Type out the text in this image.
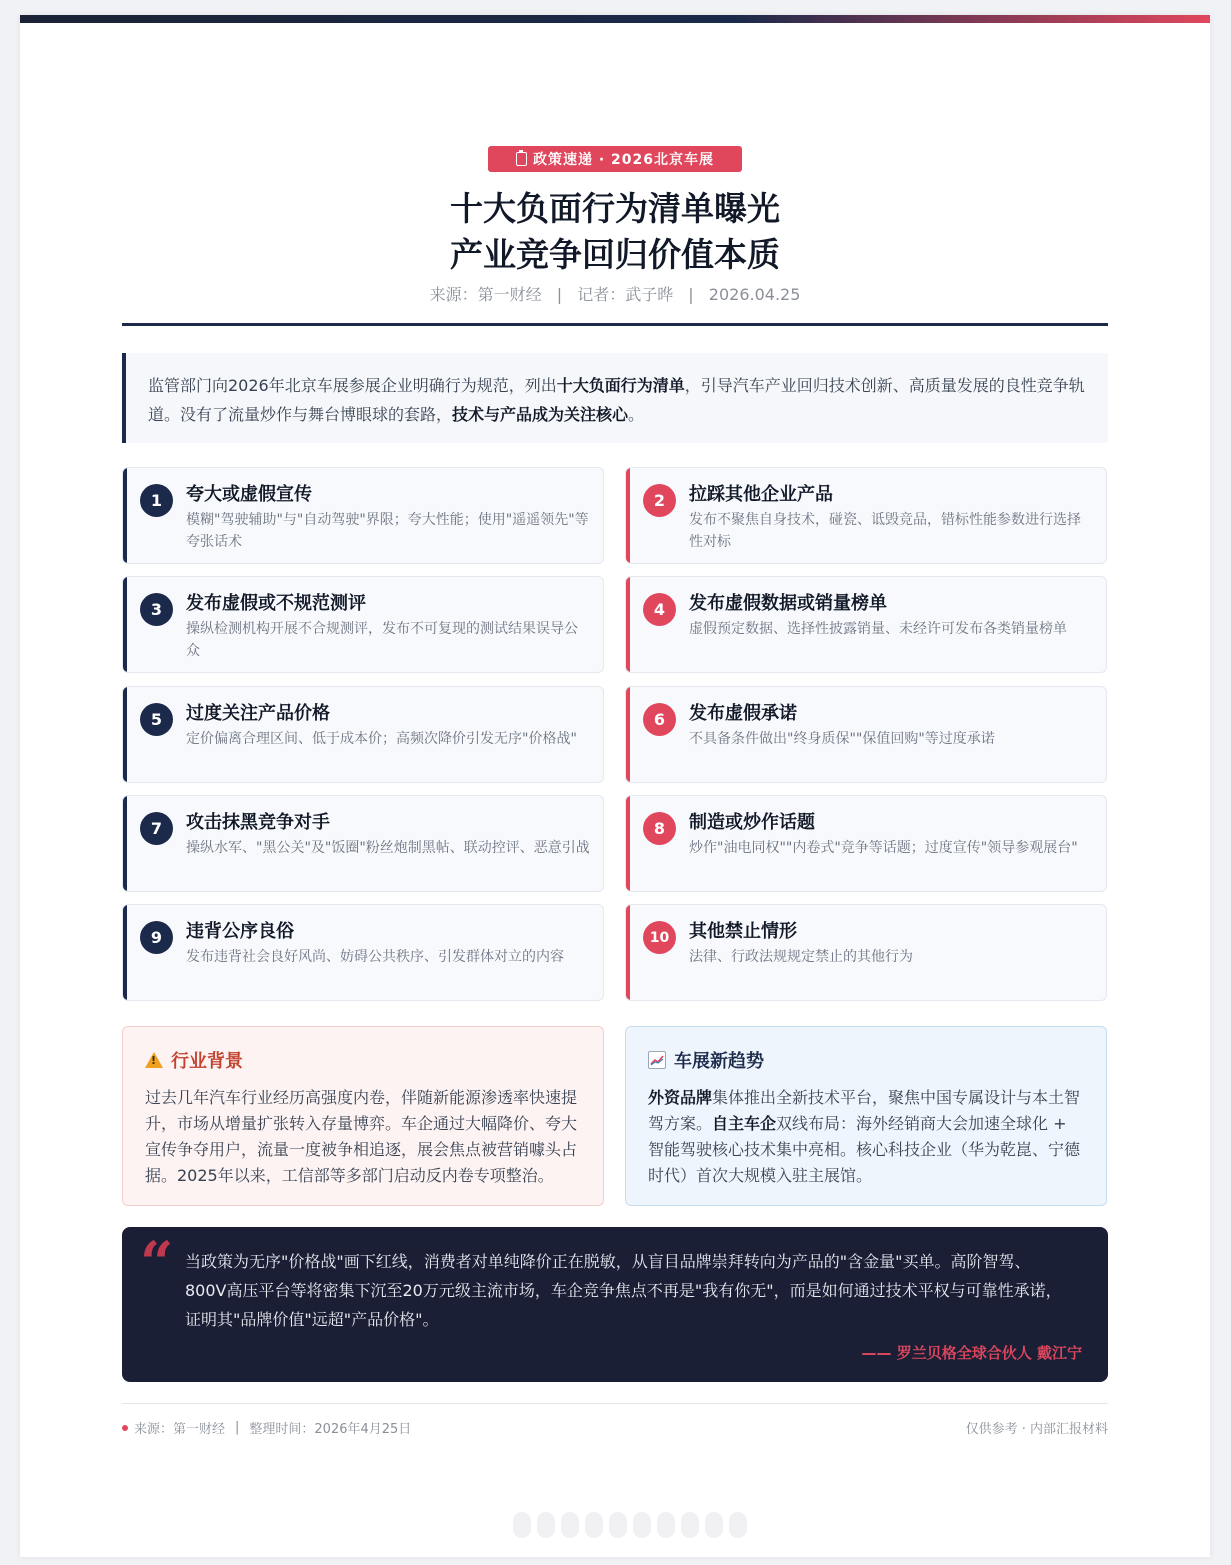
政策速递 · 2026北京车展
十大负面行为清单曝光
产业竞争回归价值本质
来源：第一财经 | 记者：武子晔 | 2026.04.25
监管部门向2026年北京车展参展企业明确行为规范，列出十大负面行为清单，引导汽车产业回归技术创新、高质量发展的良性竞争轨道。没有了流量炒作与舞台博眼球的套路，技术与产品成为关注核心。
1	夸大或虚假宣传
模糊"驾驶辅助"与"自动驾驶"界限；夸大性能；使用"遥遥领先"等夸张话术
2	拉踩其他企业产品
发布不聚焦自身技术，碰瓷、诋毁竞品，错标性能参数进行选择性对标
3	发布虚假或不规范测评
操纵检测机构开展不合规测评，发布不可复现的测试结果误导公众
4	发布虚假数据或销量榜单
虚假预定数据、选择性披露销量、未经许可发布各类销量榜单
5	过度关注产品价格
定价偏离合理区间、低于成本价；高频次降价引发无序"价格战"
6	发布虚假承诺
不具备条件做出"终身质保""保值回购"等过度承诺
7	攻击抹黑竞争对手
操纵水军、"黑公关"及"饭圈"粉丝炮制黑帖、联动控评、恶意引战
8	制造或炒作话题
炒作"油电同权""内卷式"竞争等话题；过度宣传"领导参观展台"
9	违背公序良俗
发布违背社会良好风尚、妨碍公共秩序、引发群体对立的内容
10	其他禁止情形
法律、行政法规规定禁止的其他行为
!
行业背景
过去几年汽车行业经历高强度内卷，伴随新能源渗透率快速提升，市场从增量扩张转入存量博弈。车企通过大幅降价、夸大宣传争夺用户，流量一度被争相追逐，展会焦点被营销噱头占据。2025年以来，工信部等多部门启动反内卷专项整治。
车展新趋势
外资品牌集体推出全新技术平台，聚焦中国专属设计与本土智驾方案。自主车企双线布局：海外经销商大会加速全球化 + 智能驾驶核心技术集中亮相。核心科技企业（华为乾崑、宁德时代）首次大规模入驻主展馆。
“ 当政策为无序"价格战"画下红线，消费者对单纯降价正在脱敏，从盲目品牌崇拜转向为产品的"含金量"买单。高阶智驾、800V高压平台等将密集下沉至20万元级主流市场，车企竞争焦点不再是"我有你无"，而是如何通过技术平权与可靠性承诺，证明其"品牌价值"远超"产品价格"。
—— 罗兰贝格全球合伙人 戴江宁
来源：第一财经 | 整理时间：2026年4月25日	仅供参考 · 内部汇报材料
